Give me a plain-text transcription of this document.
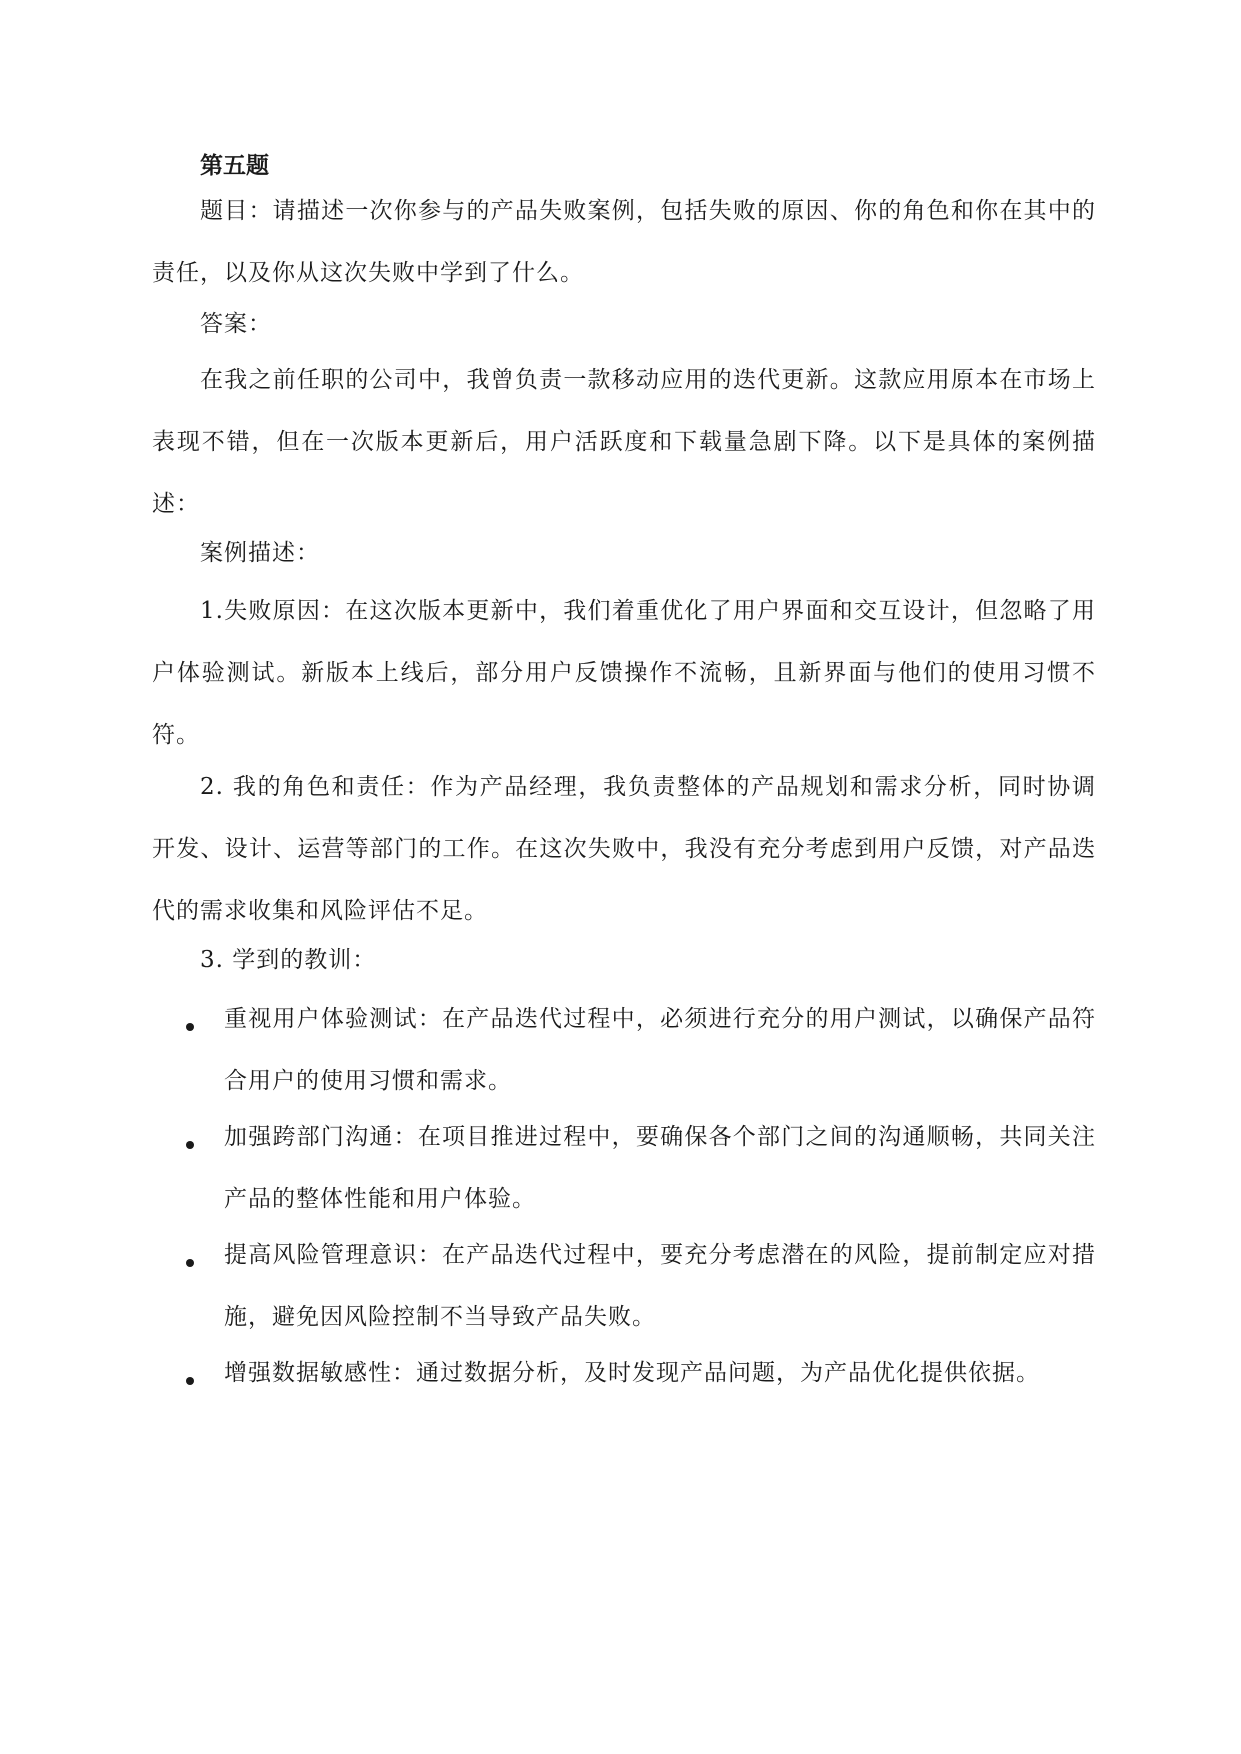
第五题
题目：请描述一次你参与的产品失败案例，包括失败的原因、你的角色和你在其中的责任，以及你从这次失败中学到了什么。
答案：
在我之前任职的公司中，我曾负责一款移动应用的迭代更新。这款应用原本在市场上表现不错，但在一次版本更新后，用户活跃度和下载量急剧下降。以下是具体的案例描述：
案例描述：
1.失败原因：在这次版本更新中，我们着重优化了用户界面和交互设计，但忽略了用户体验测试。新版本上线后，部分用户反馈操作不流畅，且新界面与他们的使用习惯不符。
2. 我的角色和责任：作为产品经理，我负责整体的产品规划和需求分析，同时协调开发、设计、运营等部门的工作。在这次失败中，我没有充分考虑到用户反馈，对产品迭代的需求收集和风险评估不足。
3. 学到的教训：
重视用户体验测试：在产品迭代过程中，必须进行充分的用户测试，以确保产品符合用户的使用习惯和需求。
加强跨部门沟通：在项目推进过程中，要确保各个部门之间的沟通顺畅，共同关注产品的整体性能和用户体验。
提高风险管理意识：在产品迭代过程中，要充分考虑潜在的风险，提前制定应对措施，避免因风险控制不当导致产品失败。
增强数据敏感性：通过数据分析，及时发现产品问题，为产品优化提供依据。
